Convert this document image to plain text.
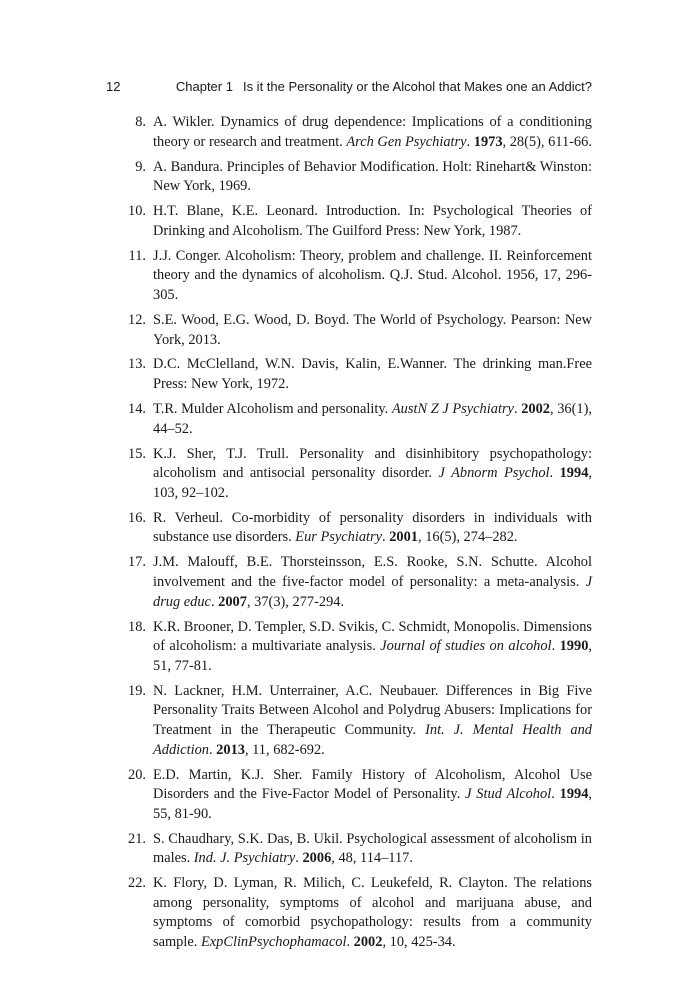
12	Chapter 1 Is it the Personality or the Alcohol that Makes one an Addict?
8. A. Wikler. Dynamics of drug dependence: Implications of a conditioning theory or research and treatment. Arch Gen Psychiatry. 1973, 28(5), 611-66.
9. A. Bandura. Principles of Behavior Modification. Holt: Rinehart& Winston: New York, 1969.
10. H.T. Blane, K.E. Leonard. Introduction. In: Psychological Theories of Drinking and Alcoholism. The Guilford Press: New York, 1987.
11. J.J. Conger. Alcoholism: Theory, problem and challenge. II. Reinforcement theory and the dynamics of alcoholism. Q.J. Stud. Alcohol. 1956, 17, 296-305.
12. S.E. Wood, E.G. Wood, D. Boyd. The World of Psychology. Pearson: New York, 2013.
13. D.C. McClelland, W.N. Davis, Kalin, E.Wanner. The drinking man.Free Press: New York, 1972.
14. T.R. Mulder Alcoholism and personality. AustN Z J Psychiatry. 2002, 36(1), 44–52.
15. K.J. Sher, T.J. Trull. Personality and disinhibitory psychopathology: alcoholism and antisocial personality disorder. J Abnorm Psychol. 1994, 103, 92–102.
16. R. Verheul. Co-morbidity of personality disorders in individuals with substance use disorders. Eur Psychiatry. 2001, 16(5), 274–282.
17. J.M. Malouff, B.E. Thorsteinsson, E.S. Rooke, S.N. Schutte. Alcohol involvement and the five-factor model of personality: a meta-analysis. J drug educ. 2007, 37(3), 277-294.
18. K.R. Brooner, D. Templer, S.D. Svikis, C. Schmidt, Monopolis. Dimensions of alcoholism: a multivariate analysis. Journal of studies on alcohol. 1990, 51, 77-81.
19. N. Lackner, H.M. Unterrainer, A.C. Neubauer. Differences in Big Five Personality Traits Between Alcohol and Polydrug Abusers: Implications for Treatment in the Therapeutic Community. Int. J. Mental Health and Addiction. 2013, 11, 682-692.
20. E.D. Martin, K.J. Sher. Family History of Alcoholism, Alcohol Use Disorders and the Five-Factor Model of Personality. J Stud Alcohol. 1994, 55, 81-90.
21. S. Chaudhary, S.K. Das, B. Ukil. Psychological assessment of alcoholism in males. Ind. J. Psychiatry. 2006, 48, 114–117.
22. K. Flory, D. Lyman, R. Milich, C. Leukefeld, R. Clayton. The relations among personality, symptoms of alcohol and marijuana abuse, and symptoms of comorbid psychopathology: results from a community sample. ExpClinPsychophamacol. 2002, 10, 425-34.
